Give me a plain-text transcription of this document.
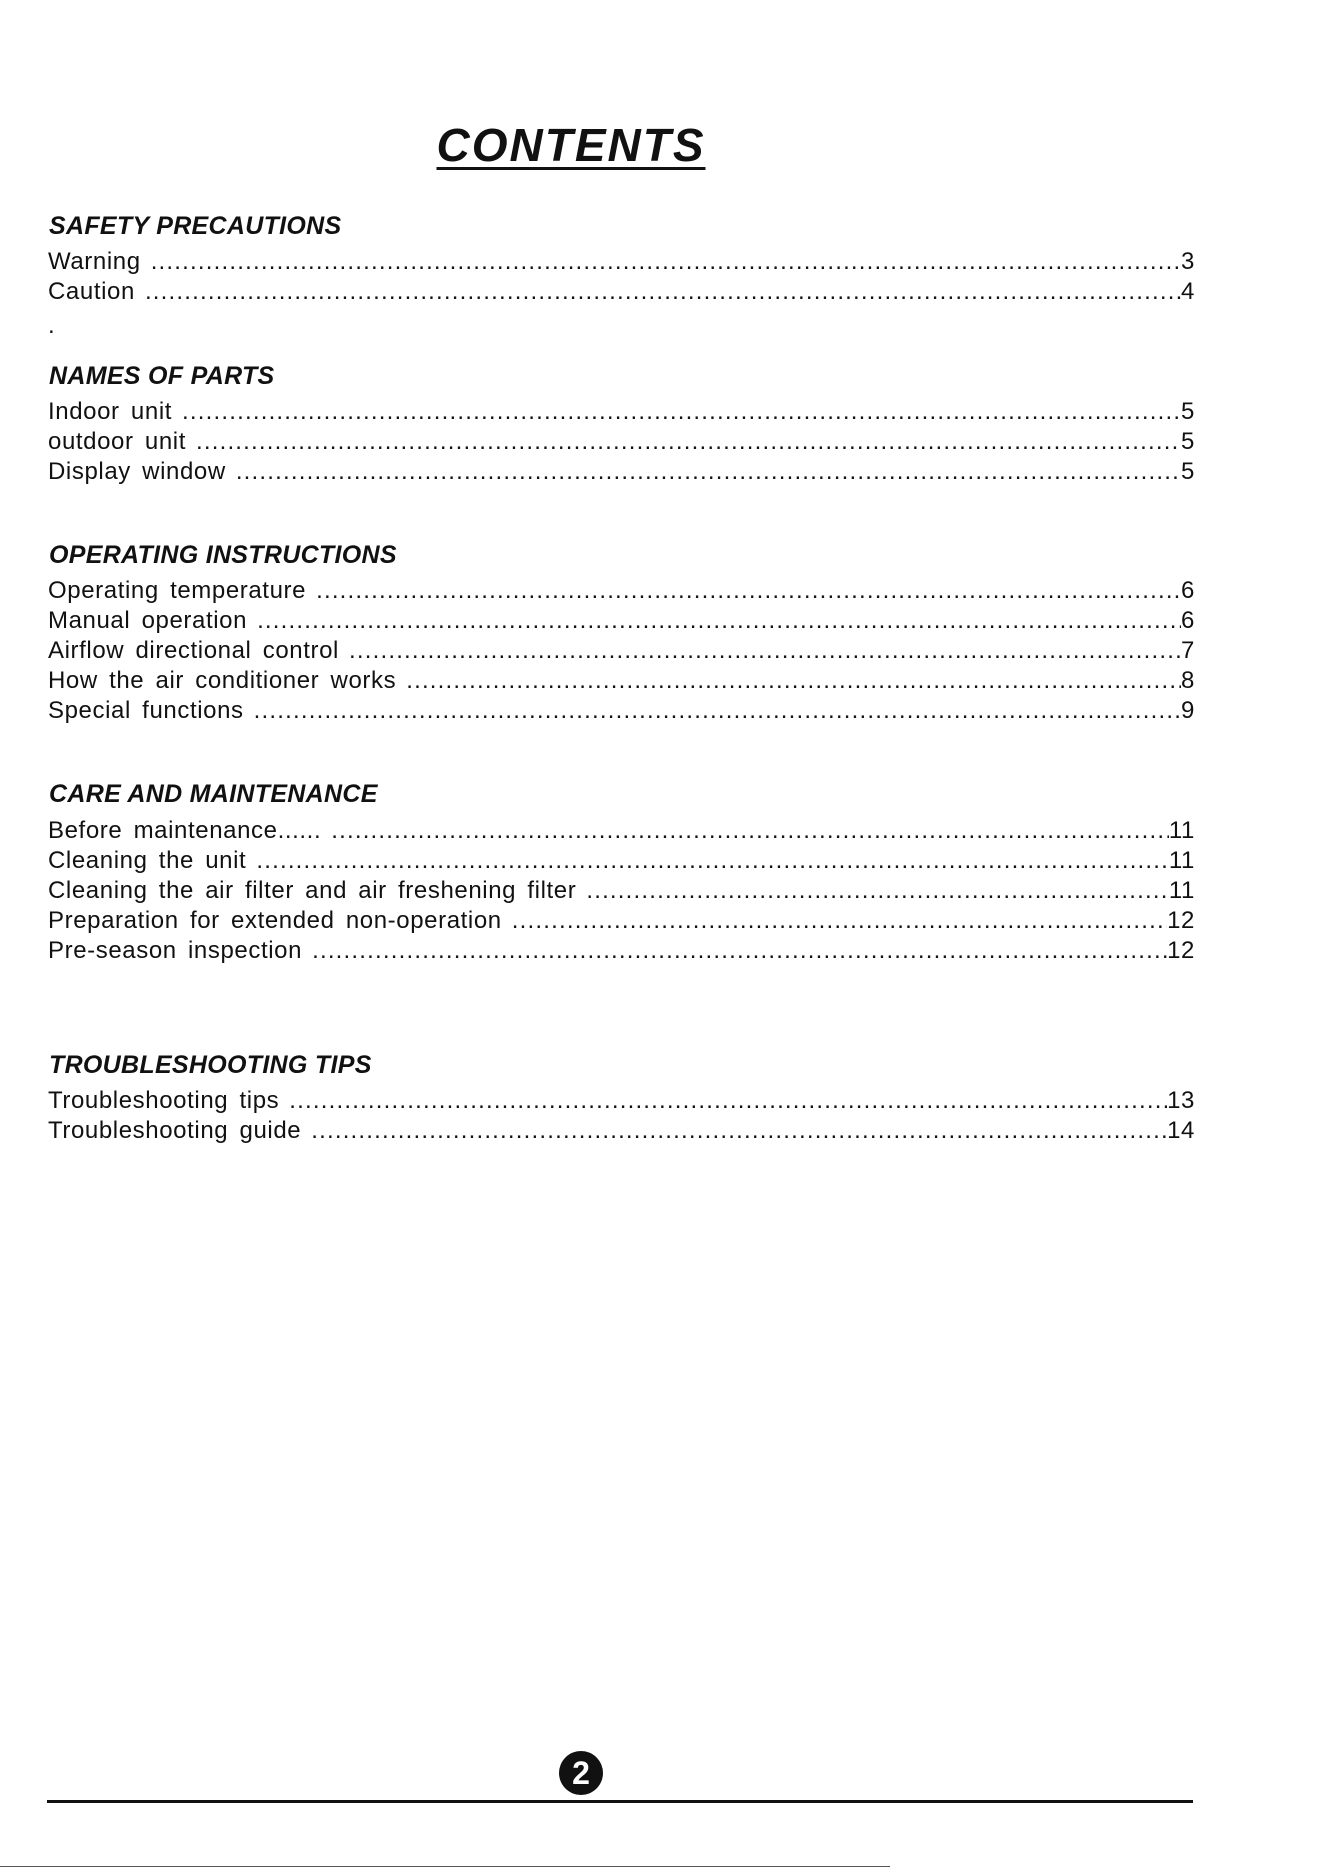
CONTENTS
SAFETY PRECAUTIONS
Warning .....	3
Caution .....	4
.
NAMES OF PARTS
Indoor unit .....	5
outdoor unit .....	5
Display window .....	5
OPERATING INSTRUCTIONS
Operating temperature .....	6
Manual operation .....	6
Airflow directional control .....	7
How the air conditioner works .....	8
Special functions .....	9
CARE AND MAINTENANCE
Before maintenance...... .....	11
Cleaning the unit .....	11
Cleaning the air filter and air freshening filter .....	11
Preparation for extended non-operation .....	12
Pre-season inspection .....	12
TROUBLESHOOTING TIPS
Troubleshooting tips .....	13
Troubleshooting guide .....	14
2
